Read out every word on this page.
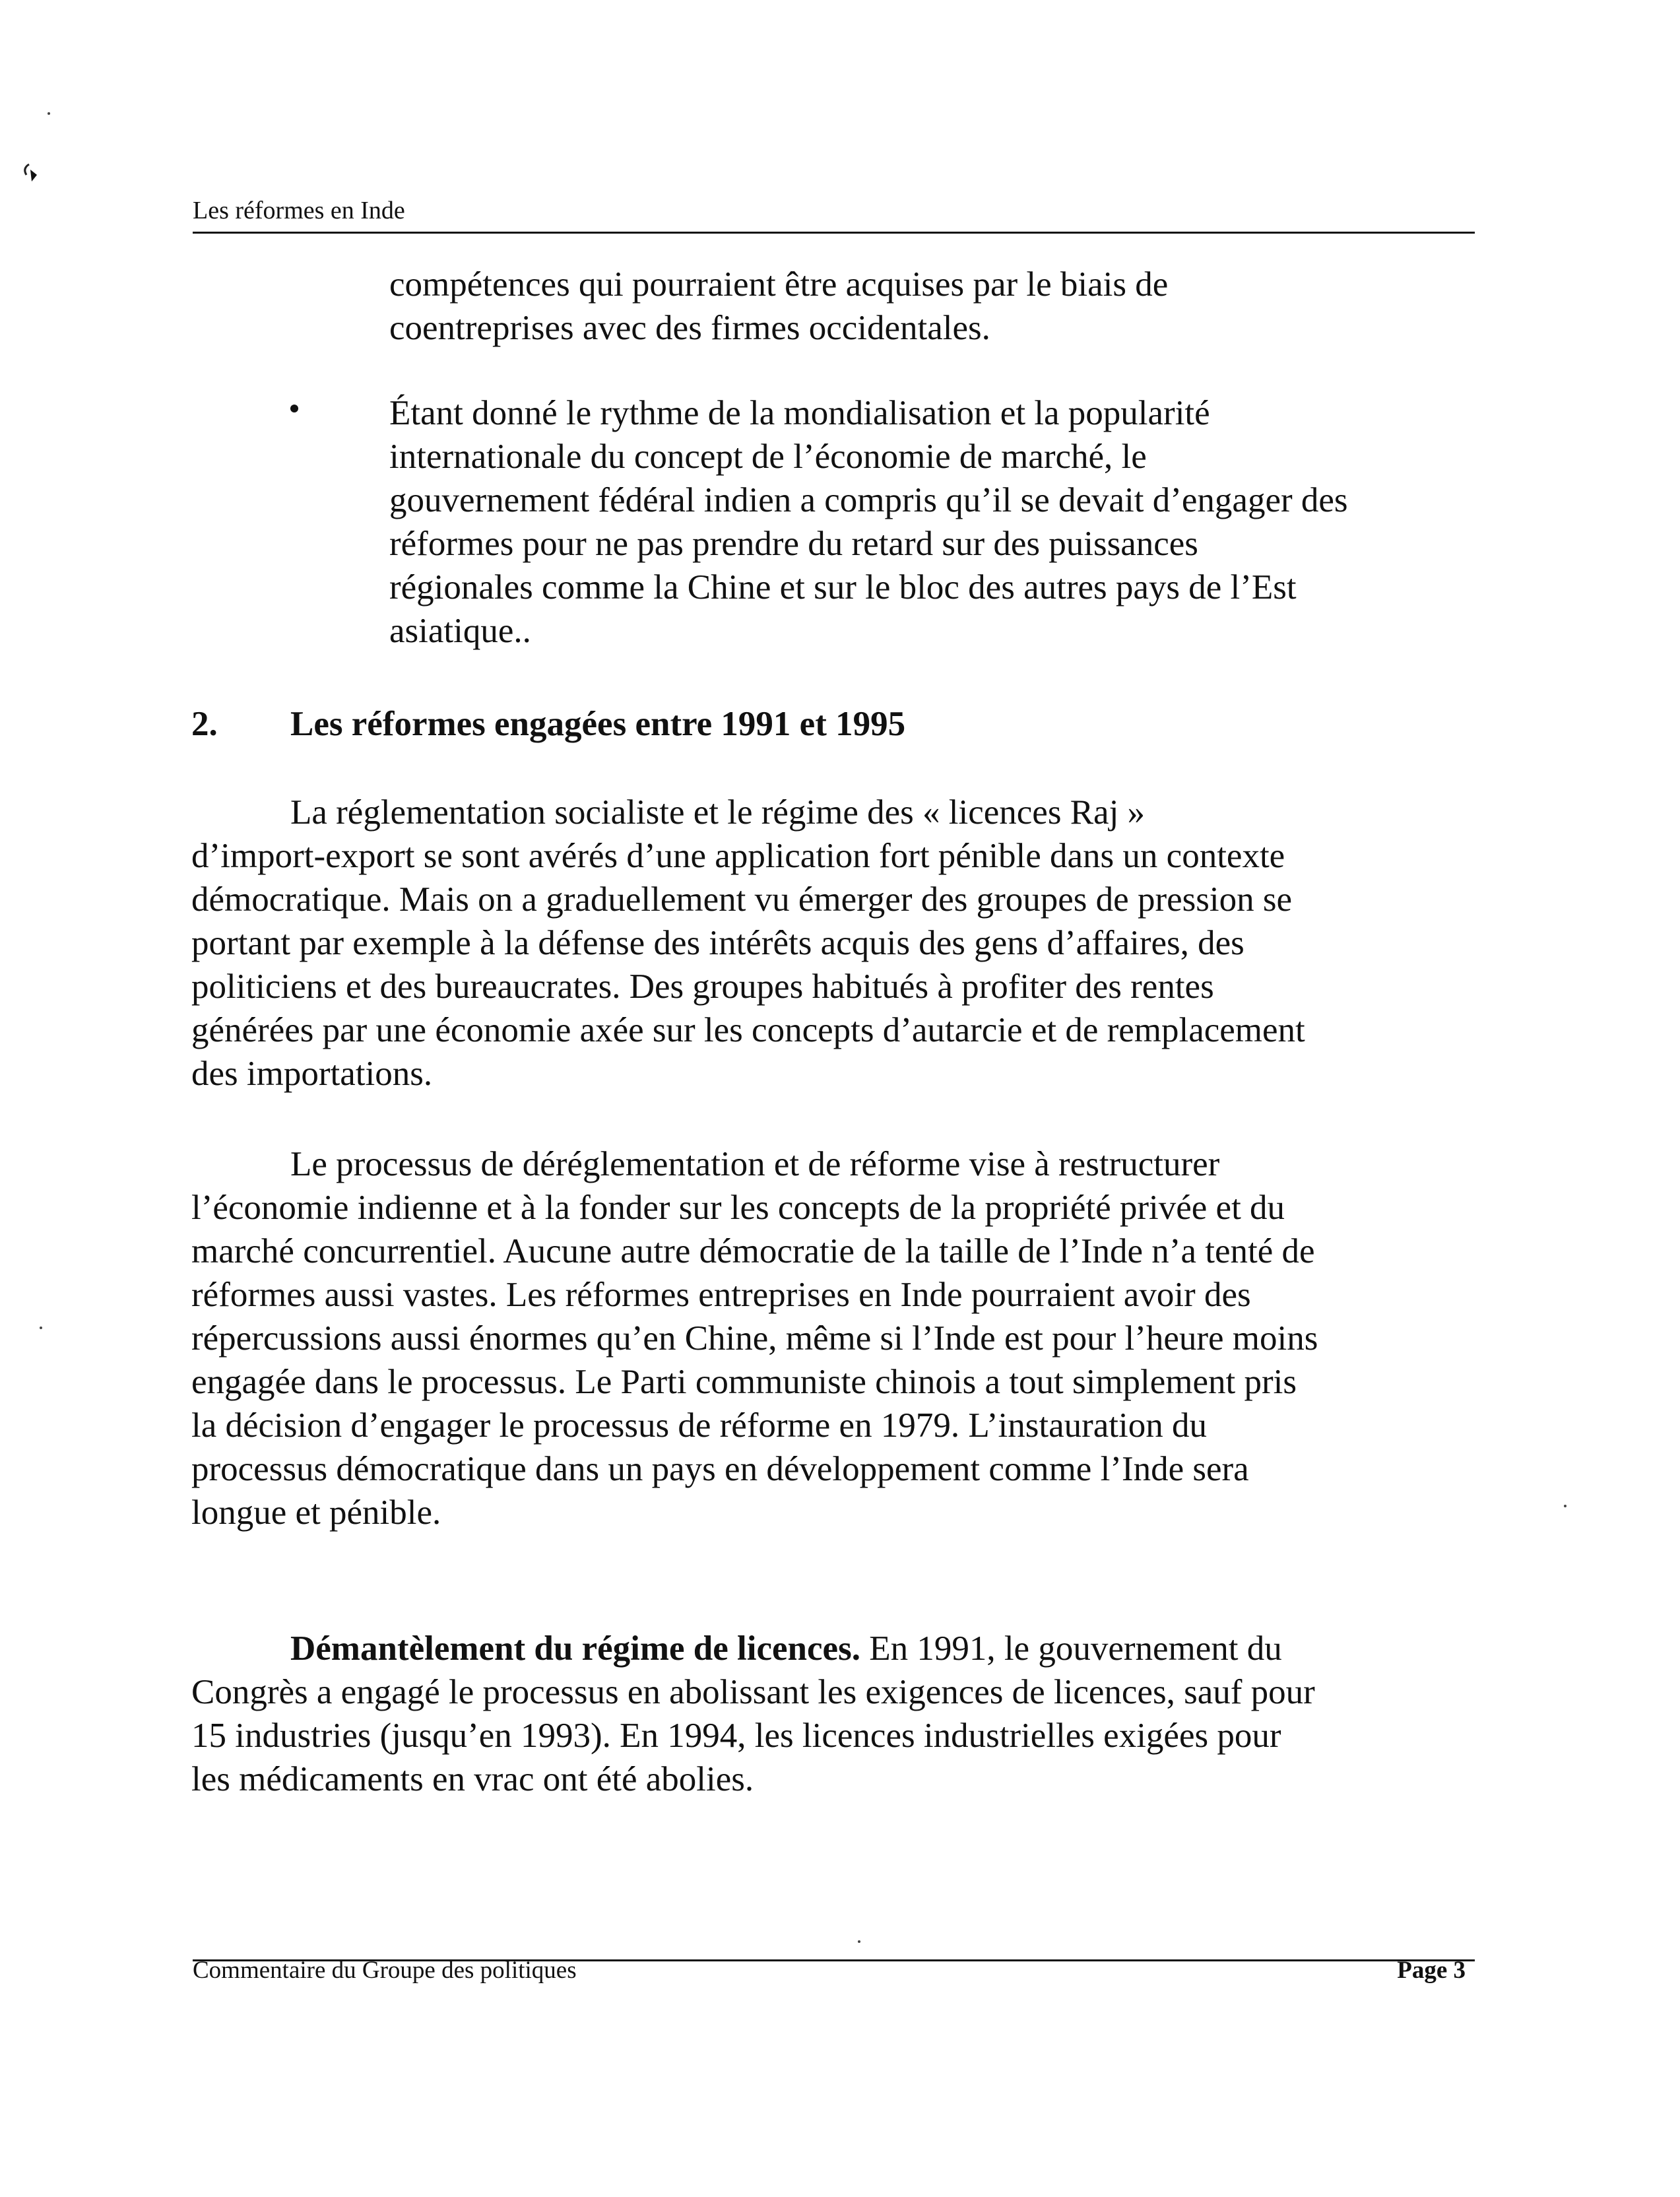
Les réformes en Inde
compétences qui pourraient être acquises par le biais de
coentreprises avec des firmes occidentales.
Étant donné le rythme de la mondialisation et la popularité
internationale du concept de l’économie de marché, le
gouvernement fédéral indien a compris qu’il se devait d’engager des
réformes pour ne pas prendre du retard sur des puissances
régionales comme la Chine et sur le bloc des autres pays de l’Est
asiatique..
2. Les réformes engagées entre 1991 et 1995
La réglementation socialiste et le régime des « licences Raj »
d’import-export se sont avérés d’une application fort pénible dans un contexte
démocratique. Mais on a graduellement vu émerger des groupes de pression se
portant par exemple à la défense des intérêts acquis des gens d’affaires, des
politiciens et des bureaucrates. Des groupes habitués à profiter des rentes
générées par une économie axée sur les concepts d’autarcie et de remplacement
des importations.
Le processus de déréglementation et de réforme vise à restructurer
l’économie indienne et à la fonder sur les concepts de la propriété privée et du
marché concurrentiel. Aucune autre démocratie de la taille de l’Inde n’a tenté de
réformes aussi vastes. Les réformes entreprises en Inde pourraient avoir des
répercussions aussi énormes qu’en Chine, même si l’Inde est pour l’heure moins
engagée dans le processus. Le Parti communiste chinois a tout simplement pris
la décision d’engager le processus de réforme en 1979. L’instauration du
processus démocratique dans un pays en développement comme l’Inde sera
longue et pénible.
Démantèlement du régime de licences. En 1991, le gouvernement du
Congrès a engagé le processus en abolissant les exigences de licences, sauf pour
15 industries (jusqu’en 1993). En 1994, les licences industrielles exigées pour
les médicaments en vrac ont été abolies.
Commentaire du Groupe des politiques	Page 3
